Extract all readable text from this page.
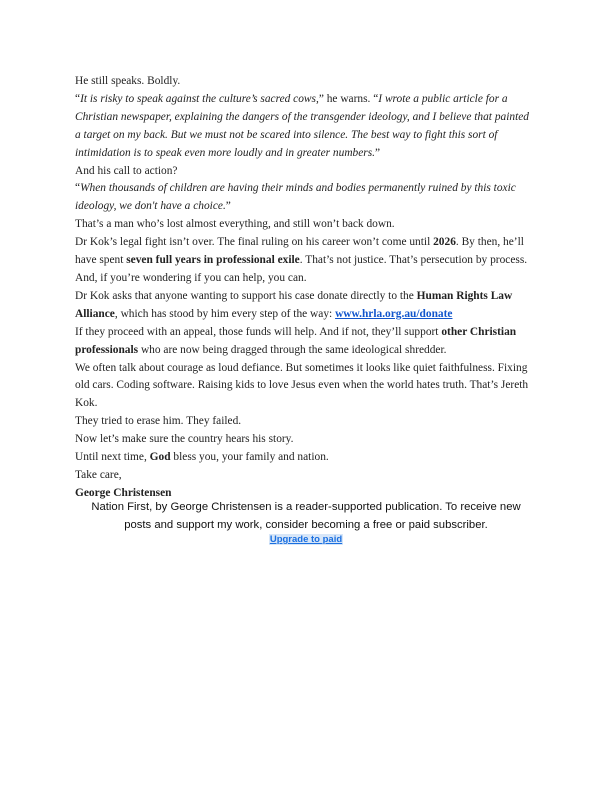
He still speaks. Boldly.

“It is risky to speak against the culture’s sacred cows,” he warns. “I wrote a public article for a Christian newspaper, explaining the dangers of the transgender ideology, and I believe that painted a target on my back. But we must not be scared into silence. The best way to fight this sort of intimidation is to speak even more loudly and in greater numbers.”

And his call to action?

“When thousands of children are having their minds and bodies permanently ruined by this toxic ideology, we don't have a choice.”

That’s a man who’s lost almost everything, and still won’t back down.

Dr Kok’s legal fight isn’t over. The final ruling on his career won’t come until 2026. By then, he’ll have spent seven full years in professional exile. That’s not justice. That’s persecution by process.

And, if you’re wondering if you can help, you can.

Dr Kok asks that anyone wanting to support his case donate directly to the Human Rights Law Alliance, which has stood by him every step of the way: www.hrla.org.au/donate

If they proceed with an appeal, those funds will help. And if not, they’ll support other Christian professionals who are now being dragged through the same ideological shredder.

We often talk about courage as loud defiance. But sometimes it looks like quiet faithfulness. Fixing old cars. Coding software. Raising kids to love Jesus even when the world hates truth. That’s Jereth Kok.

They tried to erase him. They failed.

Now let’s make sure the country hears his story.

Until next time, God bless you, your family and nation.

Take care,

George Christensen

Nation First, by George Christensen is a reader-supported publication. To receive new posts and support my work, consider becoming a free or paid subscriber.
Upgrade to paid
